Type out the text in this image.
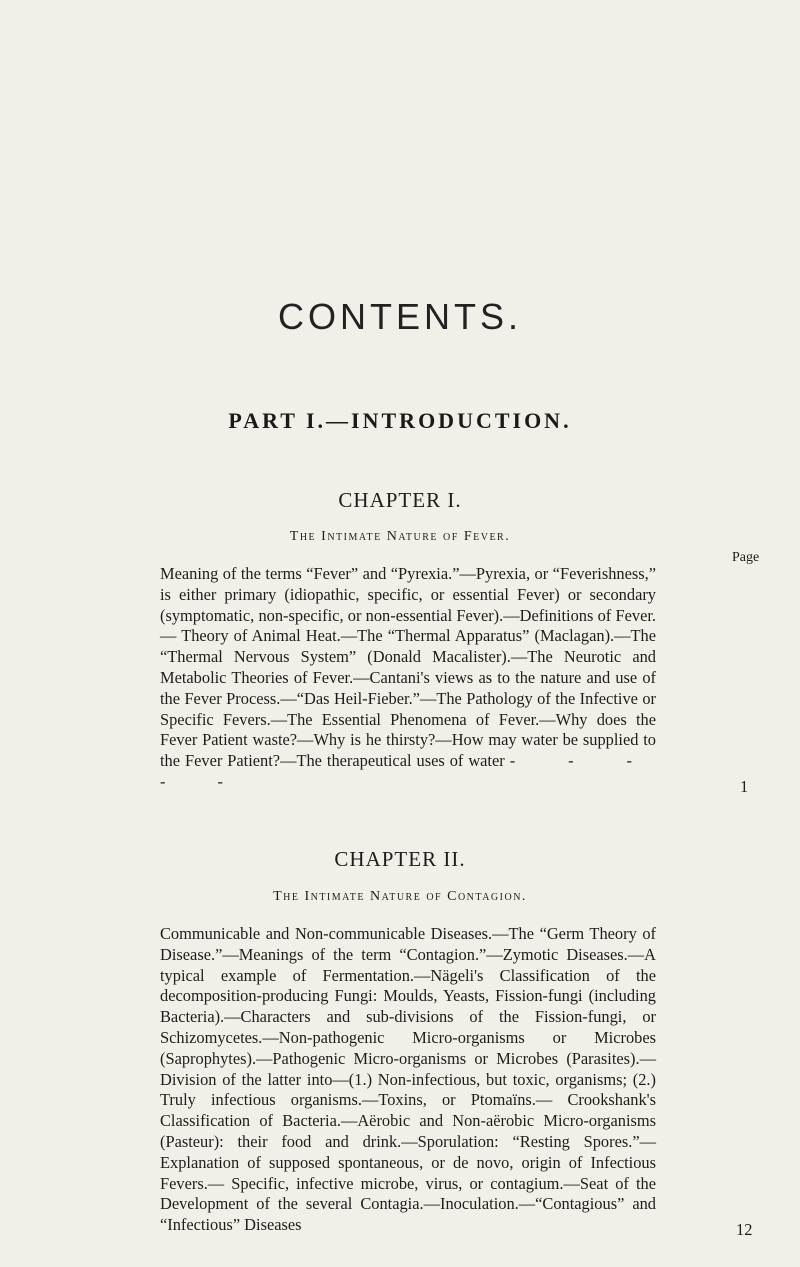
CONTENTS.
PART I.—INTRODUCTION.
CHAPTER I.
The Intimate Nature of Fever.
Page
Meaning of the terms “Fever” and “Pyrexia.”—Pyrexia, or “Feverishness,” is either primary (idiopathic, specific, or essential Fever) or secondary (symptomatic, non-specific, or non-essential Fever).—Definitions of Fever.— Theory of Animal Heat.—The “Thermal Apparatus” (Maclagan).—The “Thermal Nervous System” (Donald Macalister).—The Neurotic and Metabolic Theories of Fever.—Cantani's views as to the nature and use of the Fever Process.—“Das Heil-Fieber.”—The Pathology of the Infective or Specific Fevers.—The Essential Phenomena of Fever.—Why does the Fever Patient waste?—Why is he thirsty?—How may water be supplied to the Fever Patient?—The therapeutical uses of water - - - - -	1
CHAPTER II.
The Intimate Nature of Contagion.
Communicable and Non-communicable Diseases.—The “Germ Theory of Disease.”—Meanings of the term “Contagion.”—Zymotic Diseases.—A typical example of Fermentation.—Nägeli's Classification of the decomposition-producing Fungi: Moulds, Yeasts, Fission-fungi (including Bacteria).—Characters and sub-divisions of the Fission-fungi, or Schizomycetes.—Non-pathogenic Micro-organisms or Microbes (Saprophytes).—Pathogenic Micro-organisms or Microbes (Parasites).—Division of the latter into—(1.) Non-infectious, but toxic, organisms; (2.) Truly infectious organisms.—Toxins, or Ptomaïns.— Crookshank's Classification of Bacteria.—Aërobic and Non-aërobic Micro-organisms (Pasteur): their food and drink.—Sporulation: “Resting Spores.”— Explanation of supposed spontaneous, or de novo, origin of Infectious Fevers.— Specific, infective microbe, virus, or contagium.—Seat of the Development of the several Contagia.—Inoculation.—“Contagious” and “Infectious” Diseases	12
